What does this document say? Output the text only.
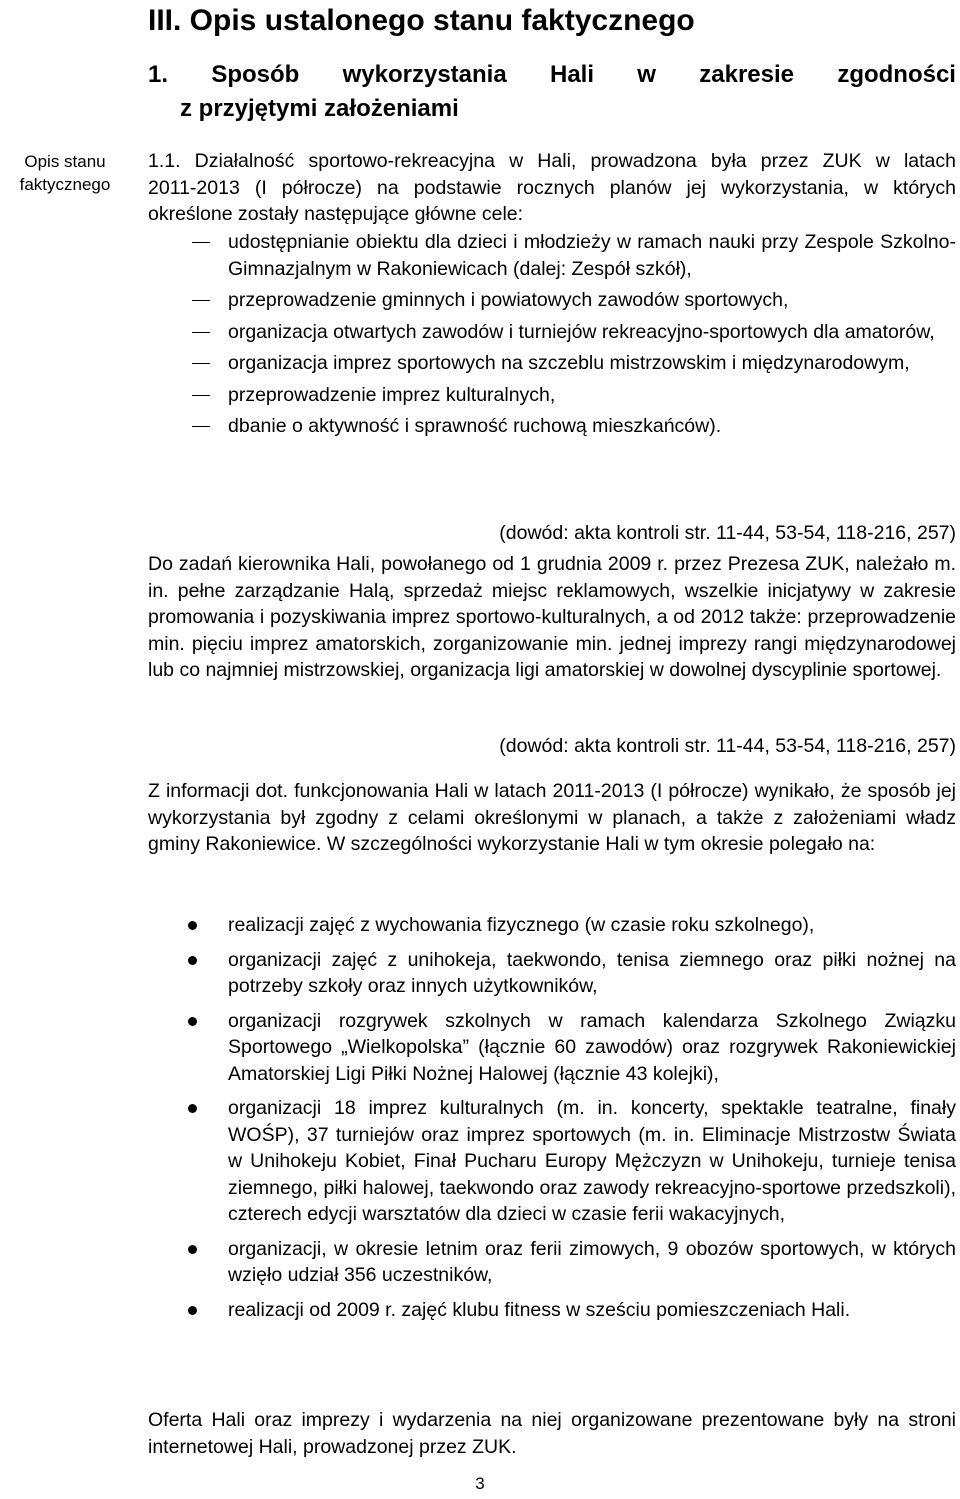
Opis stanu faktycznego
III. Opis ustalonego stanu faktycznego
1. Sposób wykorzystania Hali w zakresie zgodności
z przyjętymi założeniami
1.1. Działalność sportowo-rekreacyjna w Hali, prowadzona była przez ZUK w latach
2011-2013 (I półrocze) na podstawie rocznych planów jej wykorzystania, w których
określone zostały następujące główne cele:
udostępnianie obiektu dla dzieci i młodzieży w ramach nauki przy Zespole Szkolno-Gimnazjalnym w Rakoniewicach (dalej: Zespół szkół),
przeprowadzenie gminnych i powiatowych zawodów sportowych,
organizacja otwartych zawodów i turniejów rekreacyjno-sportowych dla amatorów,
organizacja imprez sportowych na szczeblu mistrzowskim i międzynarodowym,
przeprowadzenie imprez kulturalnych,
dbanie o aktywność i sprawność ruchową mieszkańców).
(dowód: akta kontroli str. 11-44, 53-54, 118-216, 257)
Do zadań kierownika Hali, powołanego od 1 grudnia 2009 r. przez Prezesa ZUK, należało m. in. pełne zarządzanie Halą, sprzedaż miejsc reklamowych, wszelkie inicjatywy w zakresie promowania i pozyskiwania imprez sportowo-kulturalnych, a od 2012 także: przeprowadzenie min. pięciu imprez amatorskich, zorganizowanie min. jednej imprezy rangi międzynarodowej lub co najmniej mistrzowskiej, organizacja ligi amatorskiej w dowolnej dyscyplinie sportowej.
(dowód: akta kontroli str. 11-44, 53-54, 118-216, 257)
Z informacji dot. funkcjonowania Hali w latach 2011-2013 (I półrocze) wynikało, że sposób jej wykorzystania był zgodny z celami określonymi w planach, a także z założeniami władz gminy Rakoniewice. W szczególności wykorzystanie Hali w tym okresie polegało na:
realizacji zajęć z wychowania fizycznego (w czasie roku szkolnego),
organizacji zajęć z unihokeja, taekwondo, tenisa ziemnego oraz piłki nożnej na potrzeby szkoły oraz innych użytkowników,
organizacji rozgrywek szkolnych w ramach kalendarza Szkolnego Związku Sportowego „Wielkopolska” (łącznie 60 zawodów) oraz rozgrywek Rakoniewickiej Amatorskiej Ligi Piłki Nożnej Halowej (łącznie 43 kolejki),
organizacji 18 imprez kulturalnych (m. in. koncerty, spektakle teatralne, finały WOŚP), 37 turniejów oraz imprez sportowych (m. in. Eliminacje Mistrzostw Świata w Unihokeju Kobiet, Finał Pucharu Europy Mężczyzn w Unihokeju, turnieje tenisa ziemnego, piłki halowej, taekwondo oraz zawody rekreacyjno-sportowe przedszkoli), czterech edycji warsztatów dla dzieci w czasie ferii wakacyjnych,
organizacji, w okresie letnim oraz ferii zimowych, 9 obozów sportowych, w których wzięło udział 356 uczestników,
realizacji od 2009 r. zajęć klubu fitness w sześciu pomieszczeniach Hali.
Oferta Hali oraz imprezy i wydarzenia na niej organizowane prezentowane były na stroni internetowej Hali, prowadzonej przez ZUK.
3
